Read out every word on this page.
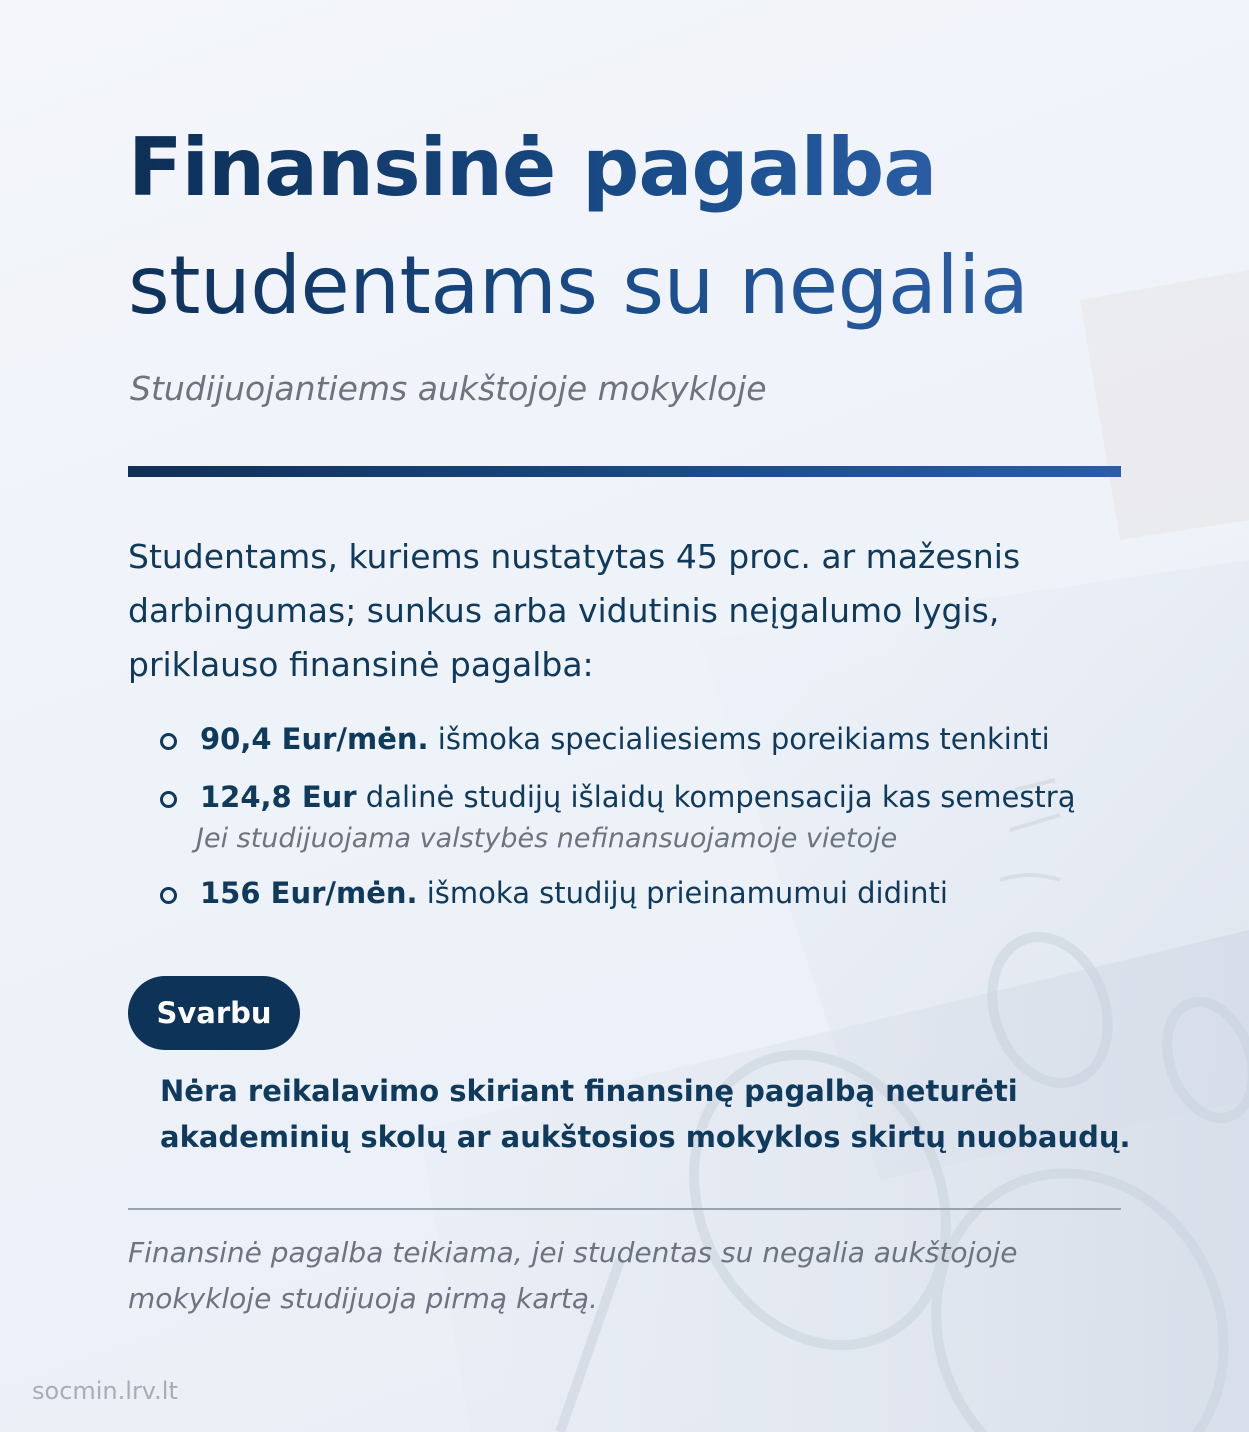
Finansinė pagalba
studentams su negalia
Studijuojantiems aukštojoje mokykloje
Studentams, kuriems nustatytas 45 proc. ar mažesnis darbingumas; sunkus arba vidutinis neįgalumo lygis, priklauso finansinė pagalba:
90,4 Eur/mėn. išmoka specialiesiems poreikiams tenkinti
124,8 Eur dalinė studijų išlaidų kompensacija kas semestrą
Jei studijuojama valstybės nefinansuojamoje vietoje
156 Eur/mėn. išmoka studijų prieinamumui didinti
Svarbu
Nėra reikalavimo skiriant finansinę pagalbą neturėti akademinių skolų ar aukštosios mokyklos skirtų nuobaudų.
Finansinė pagalba teikiama, jei studentas su negalia aukštojoje mokykloje studijuoja pirmą kartą.
socmin.lrv.lt
